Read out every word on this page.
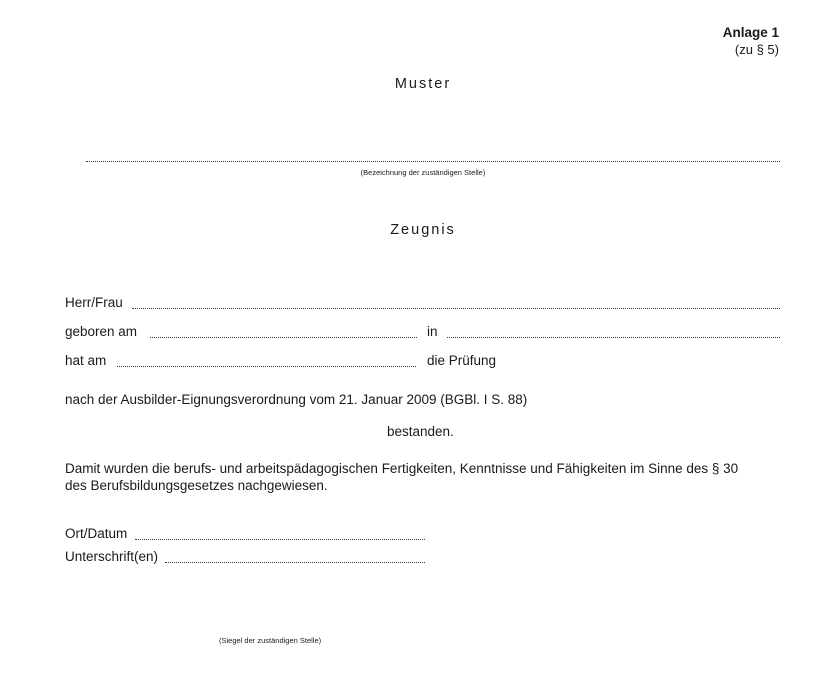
Anlage 1
(zu § 5)
Muster
(Bezeichnung der zuständigen Stelle)
Zeugnis
Herr/Frau
geboren am	in
hat am	die Prüfung
nach der Ausbilder-Eignungsverordnung vom 21. Januar 2009 (BGBl. I S. 88)
bestanden.
Damit wurden die berufs- und arbeitspädagogischen Fertigkeiten, Kenntnisse und Fähigkeiten im Sinne des § 30
des Berufsbildungsgesetzes nachgewiesen.
Ort/Datum
Unterschrift(en)
(Siegel der zuständigen Stelle)
